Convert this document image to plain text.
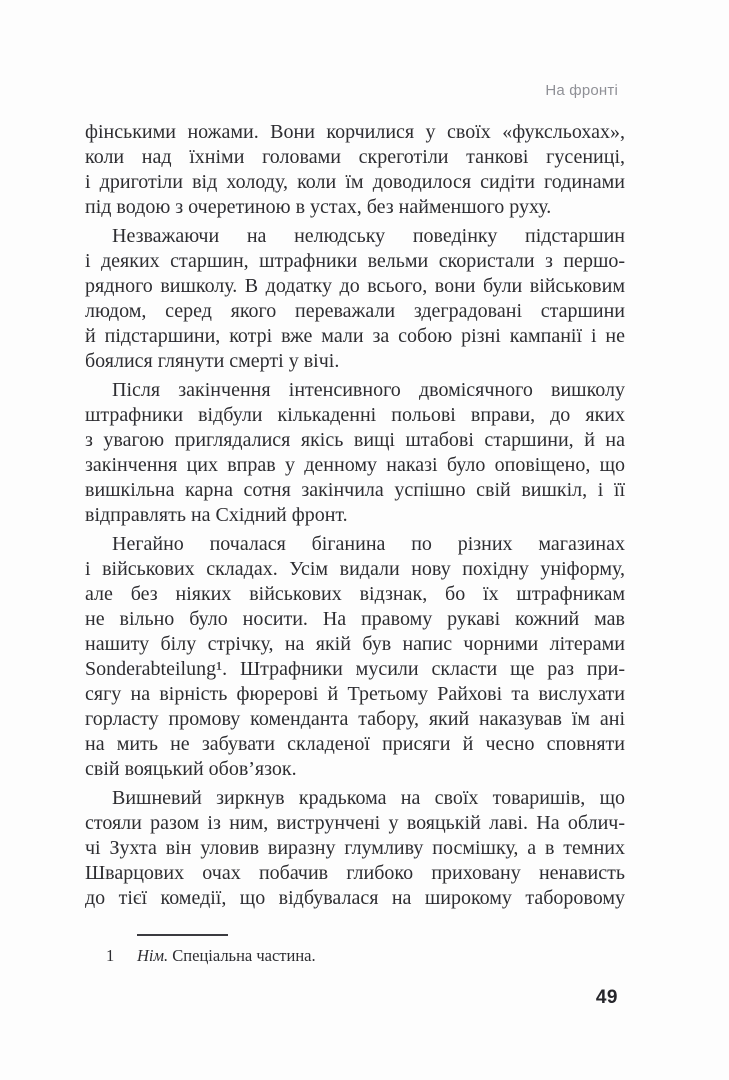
На фронті

фінськими ножами. Вони корчилися у своїх «фуксльохах»,
коли над їхніми головами скреготіли танкові гусениці,
і дриготіли від холоду, коли їм доводилося сидіти годинами
під водою з очеретиною в устах, без найменшого руху.

Незважаючи на нелюдську поведінку підстаршин
і деяких старшин, штрафники вельми скористали з першо-
рядного вишколу. В додатку до всього, вони були військовим
людом, серед якого переважали здеградовані старшини
й підстаршини, котрі вже мали за собою різні кампанії і не
боялися глянути смерті у вічі.

Після закінчення інтенсивного двомісячного вишколу
штрафники відбули кількаденні польові вправи, до яких
з увагою приглядалися якісь вищі штабові старшини, й на
закінчення цих вправ у денному наказі було оповіщено, що
вишкільна карна сотня закінчила успішно свій вишкіл, і її
відправлять на Східний фронт.

Негайно почалася біганина по різних магазинах
і військових складах. Усім видали нову похідну уніформу,
але без ніяких військових відзнак, бо їх штрафникам
не вільно було носити. На правому рукаві кожний мав
нашиту білу стрічку, на якій був напис чорними літерами
Sonderabteilung¹. Штрафники мусили скласти ще раз при-
сягу на вірність фюрерові й Третьому Райхові та вислухати
горласту промову коменданта табору, який наказував їм ані
на мить не забувати складеної присяги й чесно сповняти
свій вояцький обов’язок.

Вишневий зиркнув крадькома на своїх товаришів, що
стояли разом із ним, виструнчені у вояцькій лаві. На облич-
чі Зухта він уловив виразну глумливу посмішку, а в темних
Шварцових очах побачив глибоко приховану ненависть
до тієї комедії, що відбувалася на широкому таборовому

1 Нім. Спеціальна частина.
49
